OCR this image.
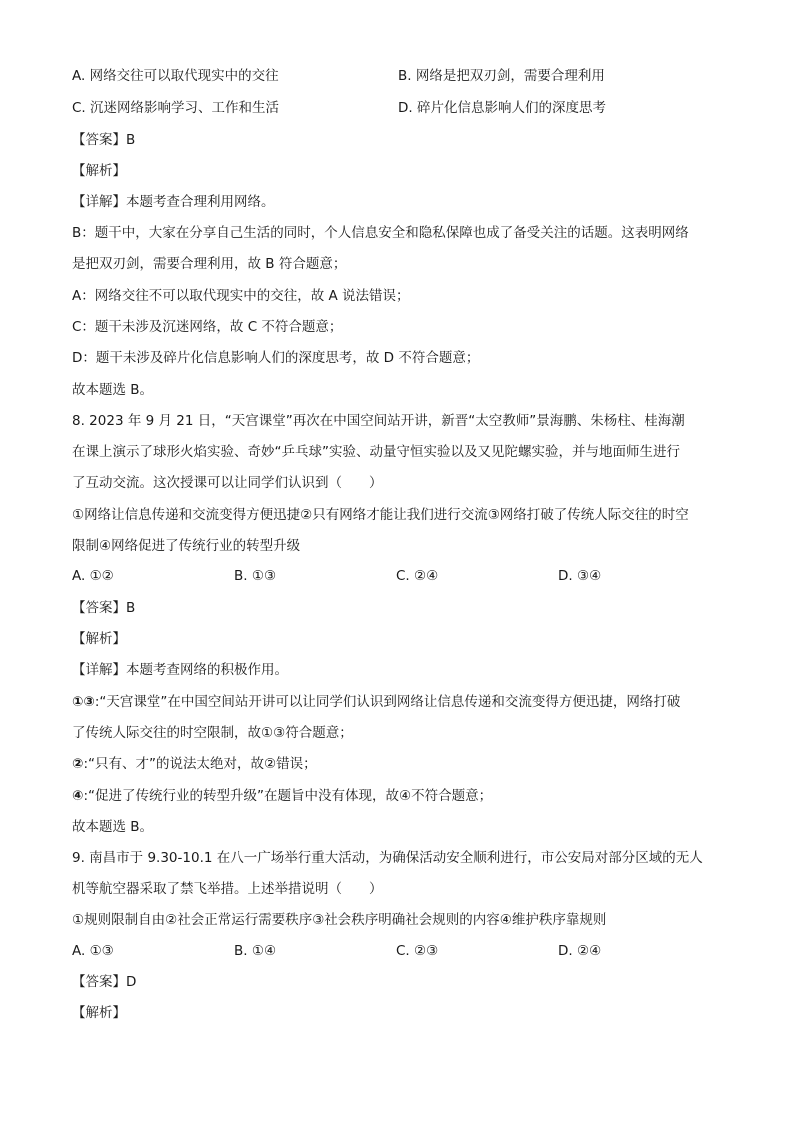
A. 网络交往可以取代现实中的交往	B. 网络是把双刃剑，需要合理利用
C. 沉迷网络影响学习、工作和生活	D. 碎片化信息影响人们的深度思考
【答案】B
【解析】
【详解】本题考查合理利用网络。
B：题干中，大家在分享自己生活的同时，个人信息安全和隐私保障也成了备受关注的话题。这表明网络
是把双刃剑，需要合理利用，故 B 符合题意；
A：网络交往不可以取代现实中的交往，故 A 说法错误；
C：题干未涉及沉迷网络，故 C 不符合题意；
D：题干未涉及碎片化信息影响人们的深度思考，故 D 不符合题意；
故本题选 B。
8. 2023 年 9 月 21 日，“天宫课堂”再次在中国空间站开讲，新晋“太空教师”景海鹏、朱杨柱、桂海潮
在课上演示了球形火焰实验、奇妙“乒乓球”实验、动量守恒实验以及又见陀螺实验，并与地面师生进行
了互动交流。这次授课可以让同学们认识到（　　）
①网络让信息传递和交流变得方便迅捷②只有网络才能让我们进行交流③网络打破了传统人际交往的时空
限制④网络促进了传统行业的转型升级
A. ①②	B. ①③	C. ②④	D. ③④
【答案】B
【解析】
【详解】本题考查网络的积极作用。
①③:“天宫课堂”在中国空间站开讲可以让同学们认识到网络让信息传递和交流变得方便迅捷，网络打破
了传统人际交往的时空限制，故①③符合题意；
②:“只有、才”的说法太绝对，故②错误；
④:“促进了传统行业的转型升级”在题旨中没有体现，故④不符合题意；
故本题选 B。
9. 南昌市于 9.30-10.1 在八一广场举行重大活动，为确保活动安全顺利进行，市公安局对部分区域的无人
机等航空器采取了禁飞举措。上述举措说明（　　）
①规则限制自由②社会正常运行需要秩序③社会秩序明确社会规则的内容④维护秩序靠规则
A. ①③	B. ①④	C. ②③	D. ②④
【答案】D
【解析】
